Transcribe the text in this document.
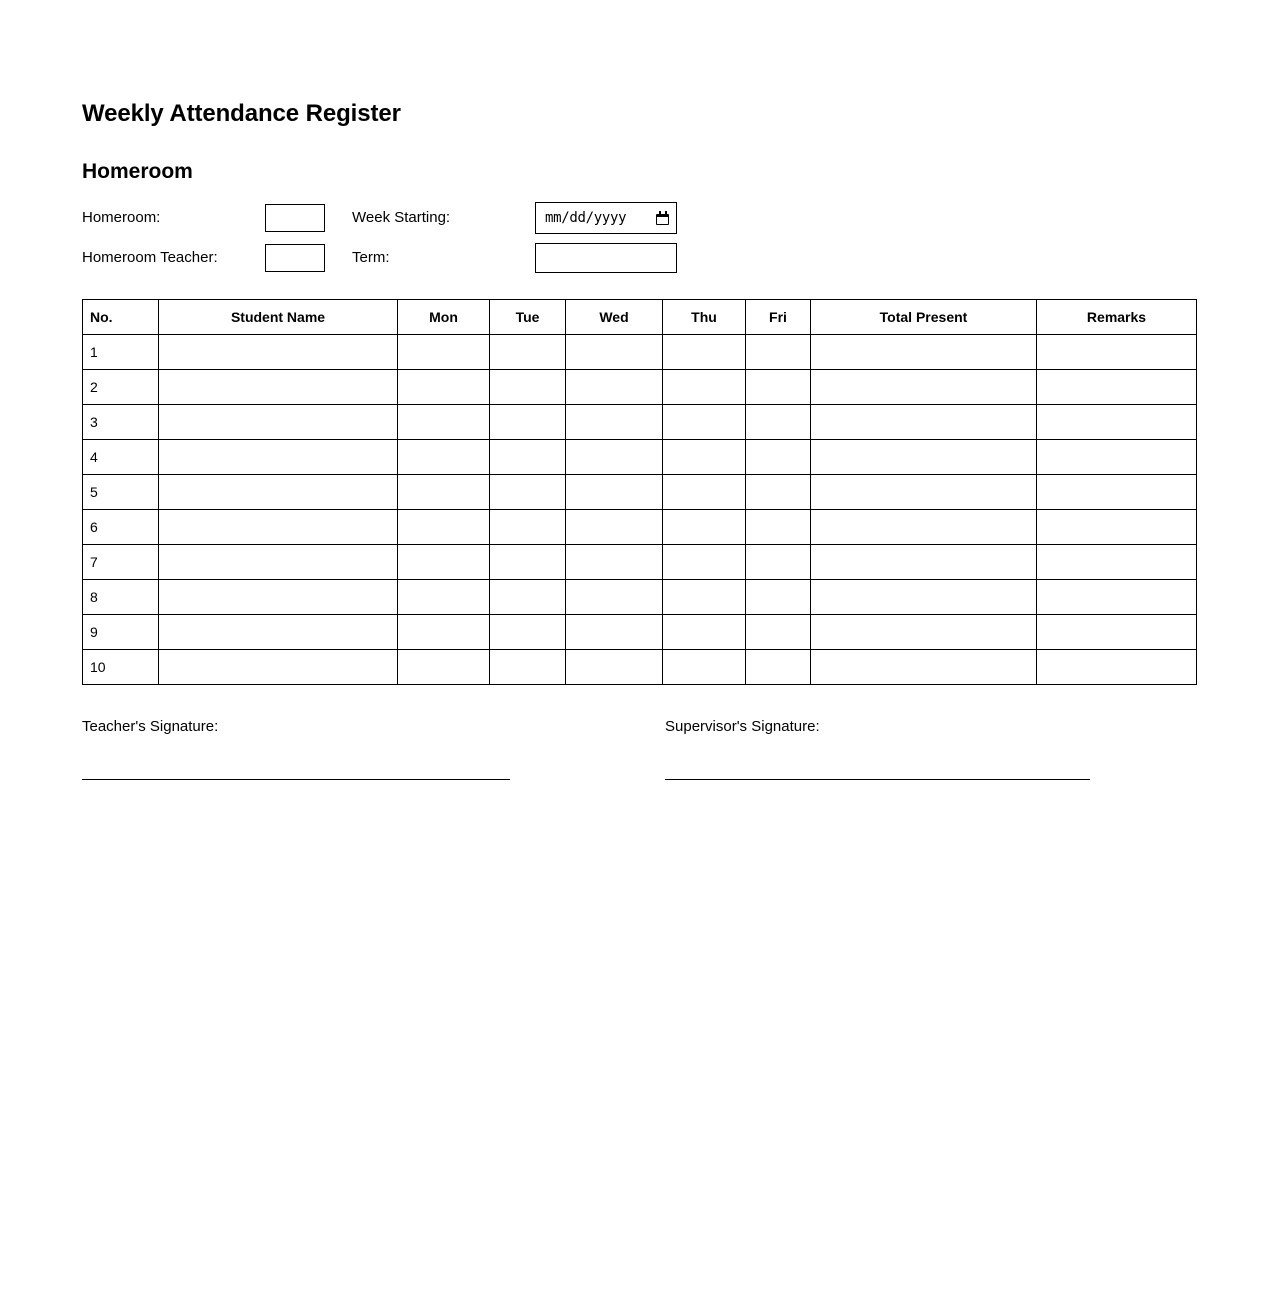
Weekly Attendance Register
Homeroom
Homeroom:	Week Starting:	mm/dd/yyyy
Homeroom Teacher:	Term:
No.	Student Name	Mon	Tue	Wed	Thu	Fri	Total Present	Remarks
1								
2								
3								
4								
5								
6								
7								
8								
9								
10								
Teacher's Signature:	Supervisor's Signature:
